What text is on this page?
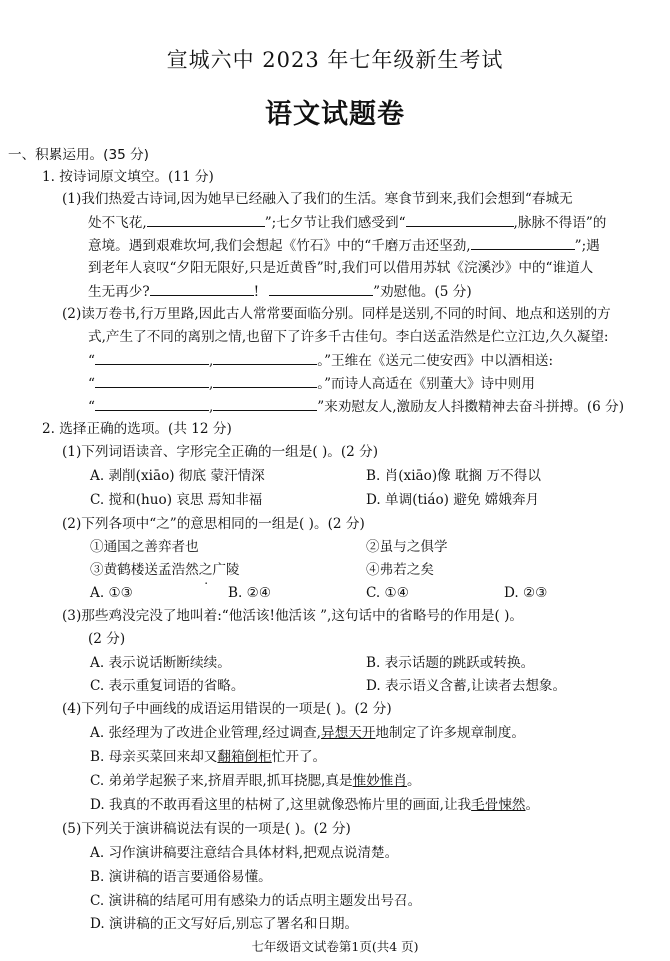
宣城六中 2023 年七年级新生考试
语文试题卷
一、积累运用。(35 分)
1. 按诗词原文填空。(11 分)
(1)我们热爱古诗词,因为她早已经融入了我们的生活。寒食节到来,我们会想到“春城无
处不飞花,	”;七夕节让我们感受到“	,脉脉不得语”的
意境。遇到艰难坎坷,我们会想起《竹石》中的“千磨万击还坚劲,	”;遇
到老年人哀叹“夕阳无限好,只是近黄昏”时,我们可以借用苏轼《浣溪沙》中的“谁道人
生无再少?	!	”劝慰他。(5 分)
(2)读万卷书,行万里路,因此古人常常要面临分别。同样是送别,不同的时间、地点和送别的方
式,产生了不同的离别之情,也留下了许多千古佳句。李白送孟浩然是伫立江边,久久凝望:
“	,	。”王维在《送元二使安西》中以酒相送:
“	,	。”而诗人高适在《别董大》诗中则用
“	,	”来劝慰友人,激励友人抖擞精神去奋斗拼搏。(6 分)
2. 选择正确的选项。(共 12 分)
(1)下列词语读音、字形完全正确的一组是( )。(2 分)
A. 剥削(xiāo) 彻底 蒙汗情深	B. 肖(xiāo)像 耽搁 万不得以
C. 搅和(huo) 哀思 焉知非福	D. 单调(tiáo) 避免 嫦娥奔月
(2)下列各项中“之”的意思相同的一组是( )。(2 分)
①通国之善弈者也	②虽与之俱学
③黄鹤楼送孟浩然之广陵	④弗若之矣
A. ①③	B. ②④	C. ①④	D. ②③
(3)那些鸡没完没了地叫着:“他活该!他活该 ”,这句话中的省略号的作用是( )。
(2 分)
A. 表示说话断断续续。	B. 表示话题的跳跃或转换。
C. 表示重复词语的省略。	D. 表示语义含蓄,让读者去想象。
(4)下列句子中画线的成语运用错误的一项是( )。(2 分)
A. 张经理为了改进企业管理,经过调查,异想天开地制定了许多规章制度。
B. 母亲买菜回来却又翻箱倒柜忙开了。
C. 弟弟学起猴子来,挤眉弄眼,抓耳挠腮,真是惟妙惟肖。
D. 我真的不敢再看这里的枯树了,这里就像恐怖片里的画面,让我毛骨悚然。
(5)下列关于演讲稿说法有误的一项是( )。(2 分)
A. 习作演讲稿要注意结合具体材料,把观点说清楚。
B. 演讲稿的语言要通俗易懂。
C. 演讲稿的结尾可用有感染力的话点明主题发出号召。
D. 演讲稿的正文写好后,别忘了署名和日期。
七年级语文试卷第1页(共4 页)
